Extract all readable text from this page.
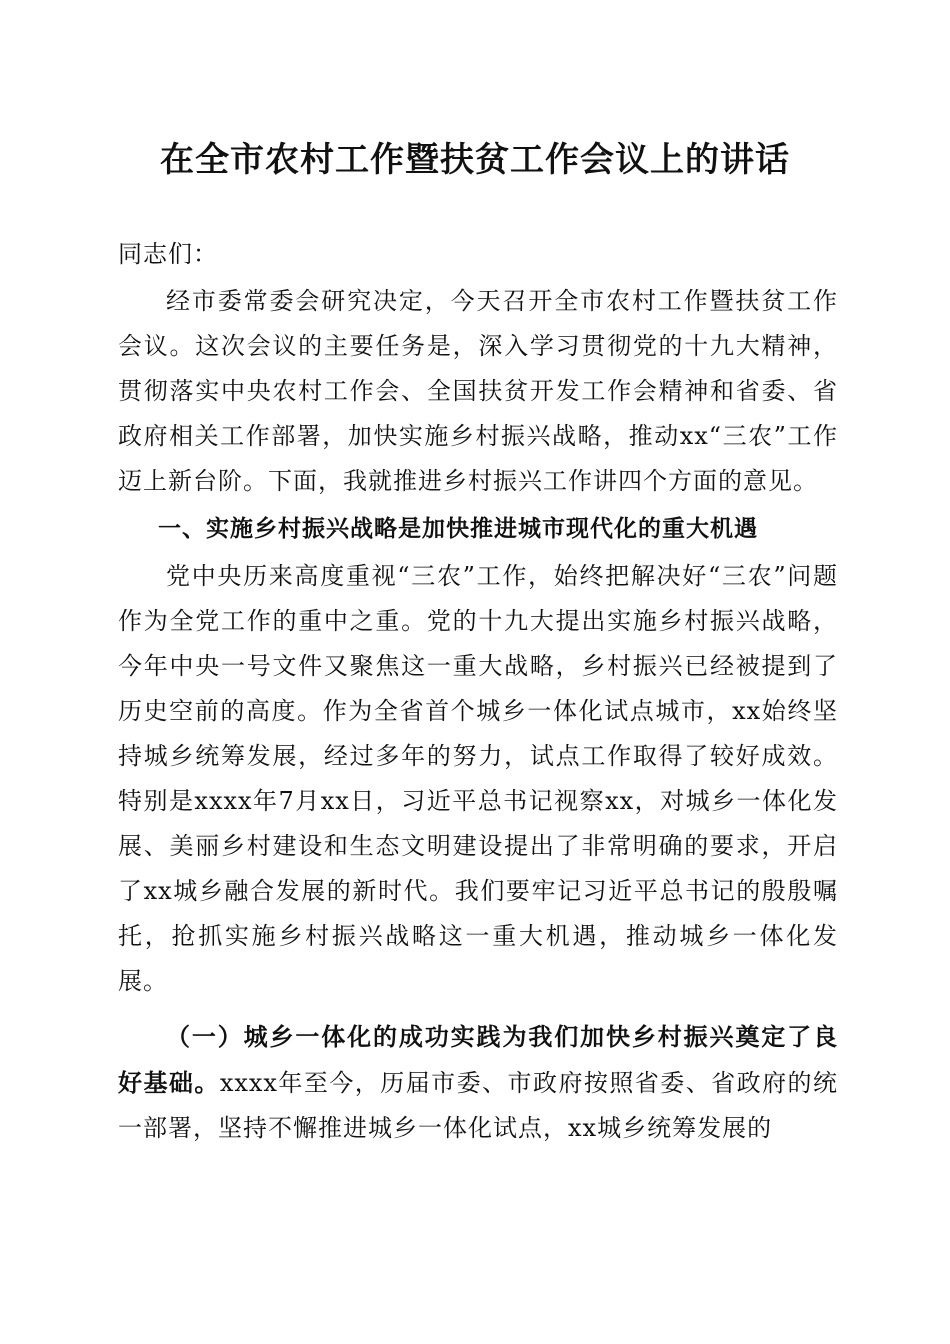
在全市农村工作暨扶贫工作会议上的讲话

同志们：

经市委常委会研究决定，今天召开全市农村工作暨扶贫工作会议。这次会议的主要任务是，深入学习贯彻党的十九大精神，贯彻落实中央农村工作会、全国扶贫开发工作会精神和省委、省政府相关工作部署，加快实施乡村振兴战略，推动xx“三农”工作迈上新台阶。下面，我就推进乡村振兴工作讲四个方面的意见。

一、实施乡村振兴战略是加快推进城市现代化的重大机遇

党中央历来高度重视“三农”工作，始终把解决好“三农”问题作为全党工作的重中之重。党的十九大提出实施乡村振兴战略，今年中央一号文件又聚焦这一重大战略，乡村振兴已经被提到了历史空前的高度。作为全省首个城乡一体化试点城市，xx始终坚持城乡统筹发展，经过多年的努力，试点工作取得了较好成效。特别是xxxx年7月xx日，习近平总书记视察xx，对城乡一体化发展、美丽乡村建设和生态文明建设提出了非常明确的要求，开启了xx城乡融合发展的新时代。我们要牢记习近平总书记的殷殷嘱托，抢抓实施乡村振兴战略这一重大机遇，推动城乡一体化发展。

（一）城乡一体化的成功实践为我们加快乡村振兴奠定了良好基础。xxxx年至今，历届市委、市政府按照省委、省政府的统一部署，坚持不懈推进城乡一体化试点，xx城乡统筹发展的
